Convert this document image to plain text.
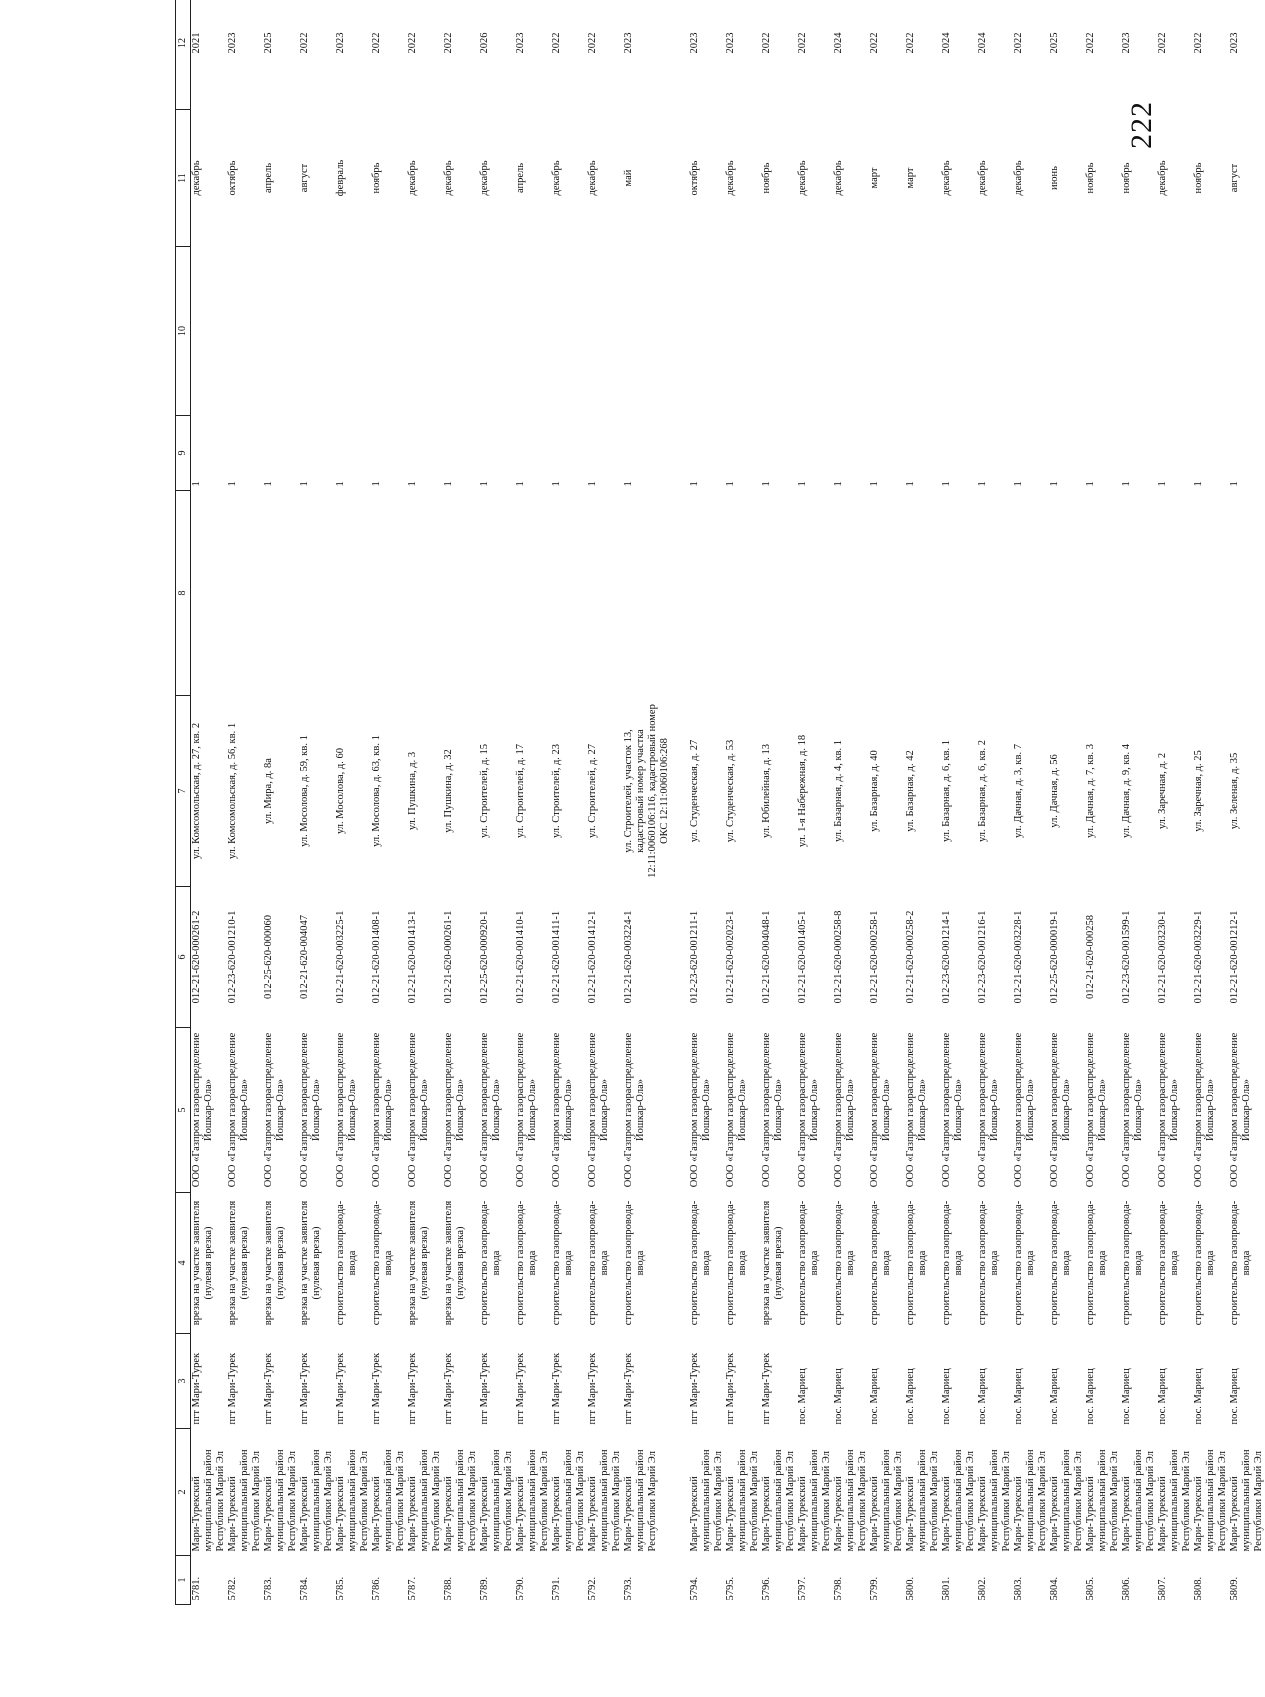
222
1	2	3	4	5	6	7	8	9	10	11	12
5781.	Мари-Турекский муниципальный район Республики Марий Эл	пгт Мари-Турек	врезка на участке заявителя (нулевая врезка)	ООО «Газпром газораспределение Йошкар-Ола»	012-21-620-000261-2	ул. Комсомольская, д. 27, кв. 2		1		декабрь	2021
5782.	Мари-Турекский муниципальный район Республики Марий Эл	пгт Мари-Турек	врезка на участке заявителя (нулевая врезка)	ООО «Газпром газораспределение Йошкар-Ола»	012-23-620-001210-1	ул. Комсомольская, д. 56, кв. 1		1		октябрь	2023
5783.	Мари-Турекский муниципальный район Республики Марий Эл	пгт Мари-Турек	врезка на участке заявителя (нулевая врезка)	ООО «Газпром газораспределение Йошкар-Ола»	012-25-620-000060	ул. Мира, д. 8а		1		апрель	2025
5784.	Мари-Турекский муниципальный район Республики Марий Эл	пгт Мари-Турек	врезка на участке заявителя (нулевая врезка)	ООО «Газпром газораспределение Йошкар-Ола»	012-21-620-004047	ул. Мосолова, д. 59, кв. 1		1		август	2022
5785.	Мари-Турекский муниципальный район Республики Марий Эл	пгт Мари-Турек	строительство газопровода-ввода	ООО «Газпром газораспределение Йошкар-Ола»	012-21-620-003225-1	ул. Мосолова, д. 60		1		февраль	2023
5786.	Мари-Турекский муниципальный район Республики Марий Эл	пгт Мари-Турек	строительство газопровода-ввода	ООО «Газпром газораспределение Йошкар-Ола»	012-21-620-001408-1	ул. Мосолова, д. 63, кв. 1		1		ноябрь	2022
5787.	Мари-Турекский муниципальный район Республики Марий Эл	пгт Мари-Турек	врезка на участке заявителя (нулевая врезка)	ООО «Газпром газораспределение Йошкар-Ола»	012-21-620-001413-1	ул. Пушкина, д. 3		1		декабрь	2022
5788.	Мари-Турекский муниципальный район Республики Марий Эл	пгт Мари-Турек	врезка на участке заявителя (нулевая врезка)	ООО «Газпром газораспределение Йошкар-Ола»	012-21-620-000261-1	ул. Пушкина, д. 32		1		декабрь	2022
5789.	Мари-Турекский муниципальный район Республики Марий Эл	пгт Мари-Турек	строительство газопровода-ввода	ООО «Газпром газораспределение Йошкар-Ола»	012-25-620-000920-1	ул. Строителей, д. 15		1		декабрь	2026
5790.	Мари-Турекский муниципальный район Республики Марий Эл	пгт Мари-Турек	строительство газопровода-ввода	ООО «Газпром газораспределение Йошкар-Ола»	012-21-620-001410-1	ул. Строителей, д. 17		1		апрель	2023
5791.	Мари-Турекский муниципальный район Республики Марий Эл	пгт Мари-Турек	строительство газопровода-ввода	ООО «Газпром газораспределение Йошкар-Ола»	012-21-620-001411-1	ул. Строителей, д. 23		1		декабрь	2022
5792.	Мари-Турекский муниципальный район Республики Марий Эл	пгт Мари-Турек	строительство газопровода-ввода	ООО «Газпром газораспределение Йошкар-Ола»	012-21-620-001412-1	ул. Строителей, д. 27		1		декабрь	2022
5793.	Мари-Турекский муниципальный район Республики Марий Эл	пгт Мари-Турек	строительство газопровода-ввода	ООО «Газпром газораспределение Йошкар-Ола»	012-21-620-003224-1	ул. Строителей, участок 13, кадастровый номер участка 12:11:0060106:116, кадастровый номер ОКС 12:11:0060106:268		1		май	2023

5794.	Мари-Турекский муниципальный район Республики Марий Эл	пгт Мари-Турек	строительство газопровода-ввода	ООО «Газпром газораспределение Йошкар-Ола»	012-23-620-001211-1	ул. Студенческая, д. 27		1		октябрь	2023
5795.	Мари-Турекский муниципальный район Республики Марий Эл	пгт Мари-Турек	строительство газопровода-ввода	ООО «Газпром газораспределение Йошкар-Ола»	012-21-620-002023-1	ул. Студенческая, д. 53		1		декабрь	2023
5796.	Мари-Турекский муниципальный район Республики Марий Эл	пгт Мари-Турек	врезка на участке заявителя (нулевая врезка)	ООО «Газпром газораспределение Йошкар-Ола»	012-21-620-004048-1	ул. Юбилейная, д. 13		1		ноябрь	2022
5797.	Мари-Турекский муниципальный район Республики Марий Эл	пос. Мариец	строительство газопровода-ввода	ООО «Газпром газораспределение Йошкар-Ола»	012-21-620-001405-1	ул. 1-я Набережная, д. 18		1		декабрь	2022
5798.	Мари-Турекский муниципальный район Республики Марий Эл	пос. Мариец	строительство газопровода-ввода	ООО «Газпром газораспределение Йошкар-Ола»	012-21-620-000258-8	ул. Базарная, д. 4, кв. 1		1		декабрь	2024
5799.	Мари-Турекский муниципальный район Республики Марий Эл	пос. Мариец	строительство газопровода-ввода	ООО «Газпром газораспределение Йошкар-Ола»	012-21-620-000258-1	ул. Базарная, д. 40		1		март	2022
5800.	Мари-Турекский муниципальный район Республики Марий Эл	пос. Мариец	строительство газопровода-ввода	ООО «Газпром газораспределение Йошкар-Ола»	012-21-620-000258-2	ул. Базарная, д. 42		1		март	2022
5801.	Мари-Турекский муниципальный район Республики Марий Эл	пос. Мариец	строительство газопровода-ввода	ООО «Газпром газораспределение Йошкар-Ола»	012-23-620-001214-1	ул. Базарная, д. 6, кв. 1		1		декабрь	2024
5802.	Мари-Турекский муниципальный район Республики Марий Эл	пос. Мариец	строительство газопровода-ввода	ООО «Газпром газораспределение Йошкар-Ола»	012-23-620-001216-1	ул. Базарная, д. 6, кв. 2		1		декабрь	2024
5803.	Мари-Турекский муниципальный район Республики Марий Эл	пос. Мариец	строительство газопровода-ввода	ООО «Газпром газораспределение Йошкар-Ола»	012-21-620-003228-1	ул. Дачная, д. 3, кв. 7		1		декабрь	2022
5804.	Мари-Турекский муниципальный район Республики Марий Эл	пос. Мариец	строительство газопровода-ввода	ООО «Газпром газораспределение Йошкар-Ола»	012-25-620-000019-1	ул. Дачная, д. 56		1		июнь	2025
5805.	Мари-Турекский муниципальный район Республики Марий Эл	пос. Мариец	строительство газопровода-ввода	ООО «Газпром газораспределение Йошкар-Ола»	012-21-620-000258	ул. Дачная, д. 7, кв. 3		1		ноябрь	2022
5806.	Мари-Турекский муниципальный район Республики Марий Эл	пос. Мариец	строительство газопровода-ввода	ООО «Газпром газораспределение Йошкар-Ола»	012-23-620-001599-1	ул. Дачная, д. 9, кв. 4		1		ноябрь	2023
5807.	Мари-Турекский муниципальный район Республики Марий Эл	пос. Мариец	строительство газопровода-ввода	ООО «Газпром газораспределение Йошкар-Ола»	012-21-620-003230-1	ул. Заречная, д. 2		1		декабрь	2022
5808.	Мари-Турекский муниципальный район Республики Марий Эл	пос. Мариец	строительство газопровода-ввода	ООО «Газпром газораспределение Йошкар-Ола»	012-21-620-003229-1	ул. Заречная, д. 25		1		ноябрь	2022
5809.	Мари-Турекский муниципальный район Республики Марий Эл	пос. Мариец	строительство газопровода-ввода	ООО «Газпром газораспределение Йошкар-Ола»	012-21-620-001212-1	ул. Зеленая, д. 35		1		август	2023
